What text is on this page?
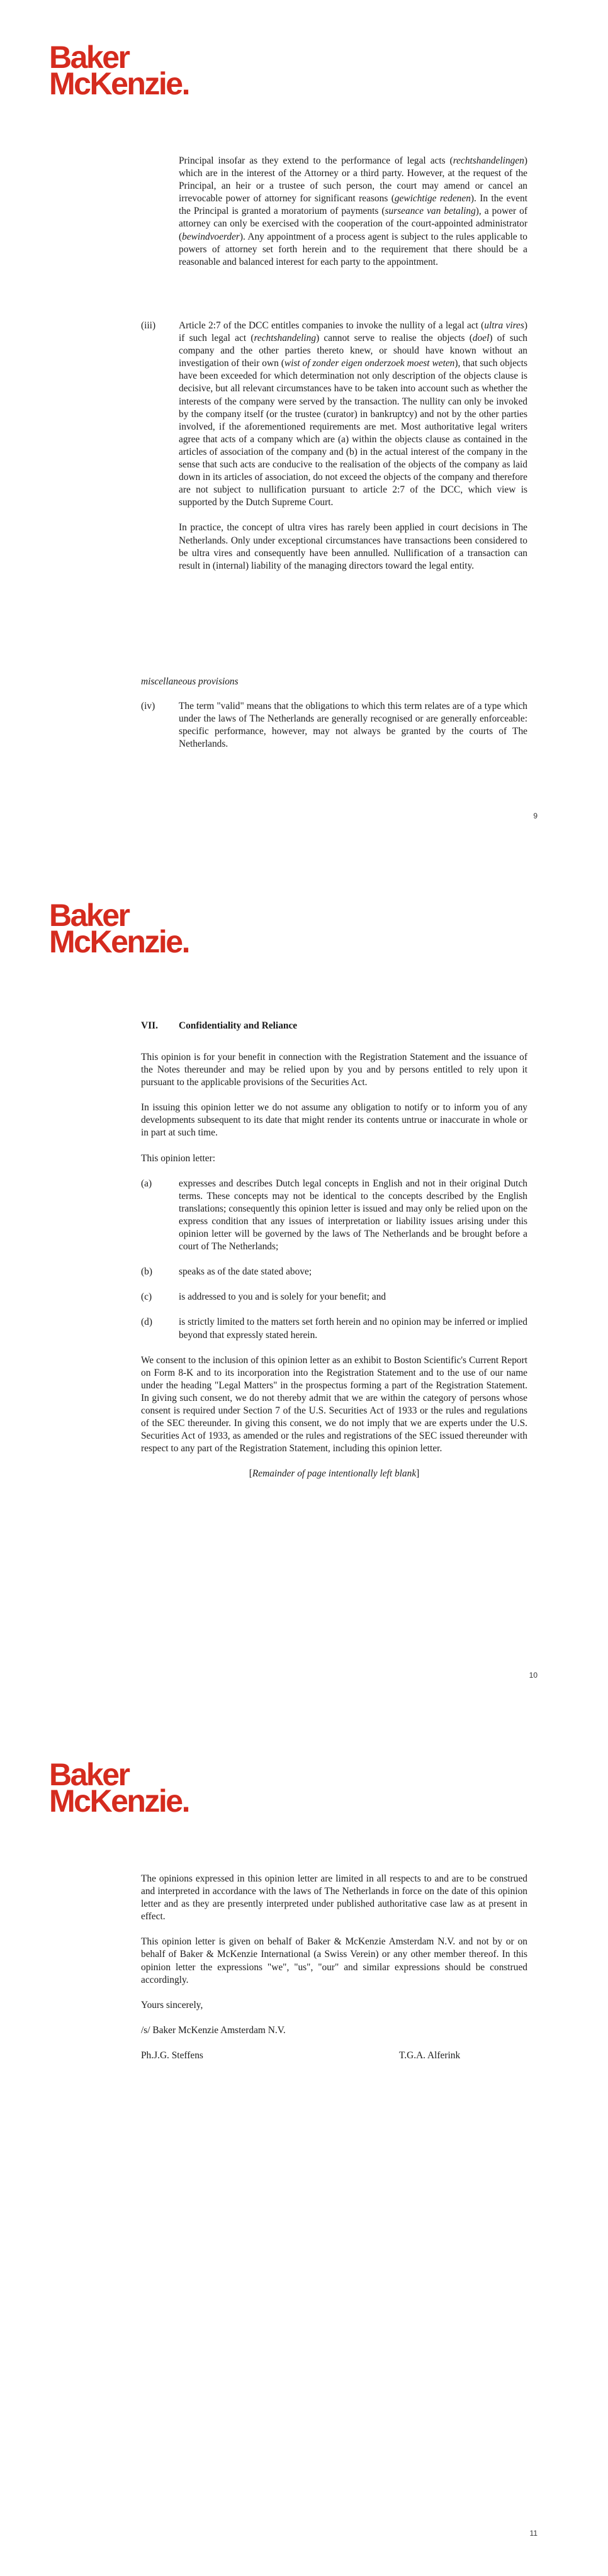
Baker
McKenzie.

Principal insofar as they extend to the performance of legal acts (rechtshandelingen) which are in the interest of the Attorney or a third party. However, at the request of the Principal, an heir or a trustee of such person, the court may amend or cancel an irrevocable power of attorney for significant reasons (gewichtige redenen). In the event the Principal is granted a moratorium of payments (surseance van betaling), a power of attorney can only be exercised with the cooperation of the court-appointed administrator (bewindvoerder). Any appointment of a process agent is subject to the rules applicable to powers of attorney set forth herein and to the requirement that there should be a reasonable and balanced interest for each party to the appointment.

(iii) Article 2:7 of the DCC entitles companies to invoke the nullity of a legal act (ultra vires) if such legal act (rechtshandeling) cannot serve to realise the objects (doel) of such company and the other parties thereto knew, or should have known without an investigation of their own (wist of zonder eigen onderzoek moest weten), that such objects have been exceeded for which determination not only description of the objects clause is decisive, but all relevant circumstances have to be taken into account such as whether the interests of the company were served by the transaction. The nullity can only be invoked by the company itself (or the trustee (curator) in bankruptcy) and not by the other parties involved, if the aforementioned requirements are met. Most authoritative legal writers agree that acts of a company which are (a) within the objects clause as contained in the articles of association of the company and (b) in the actual interest of the company in the sense that such acts are conducive to the realisation of the objects of the company as laid down in its articles of association, do not exceed the objects of the company and therefore are not subject to nullification pursuant to article 2:7 of the DCC, which view is supported by the Dutch Supreme Court.

In practice, the concept of ultra vires has rarely been applied in court decisions in The Netherlands. Only under exceptional circumstances have transactions been considered to be ultra vires and consequently have been annulled. Nullification of a transaction can result in (internal) liability of the managing directors toward the legal entity.

miscellaneous provisions
(iv) The term "valid" means that the obligations to which this term relates are of a type which under the laws of The Netherlands are generally recognised or are generally enforceable: specific performance, however, may not always be granted by the courts of The Netherlands.

9
Baker
McKenzie.
VII. Confidentiality and Reliance

This opinion is for your benefit in connection with the Registration Statement and the issuance of the Notes thereunder and may be relied upon by you and by persons entitled to rely upon it pursuant to the applicable provisions of the Securities Act.

In issuing this opinion letter we do not assume any obligation to notify or to inform you of any developments subsequent to its date that might render its contents untrue or inaccurate in whole or in part at such time.

This opinion letter:

(a)	expresses and describes Dutch legal concepts in English and not in their original Dutch terms. These concepts may not be identical to the concepts described by the English translations; consequently this opinion letter is issued and may only be relied upon on the express condition that any issues of interpretation or liability issues arising under this opinion letter will be governed by the laws of The Netherlands and be brought before a court of The Netherlands;

(b)	speaks as of the date stated above;

(c)	is addressed to you and is solely for your benefit; and

(d)	is strictly limited to the matters set forth herein and no opinion may be inferred or implied beyond that expressly stated herein.

We consent to the inclusion of this opinion letter as an exhibit to Boston Scientific's Current Report on Form 8-K and to its incorporation into the Registration Statement and to the use of our name under the heading "Legal Matters" in the prospectus forming a part of the Registration Statement. In giving such consent, we do not thereby admit that we are within the category of persons whose consent is required under Section 7 of the U.S. Securities Act of 1933 or the rules and regulations of the SEC thereunder. In giving this consent, we do not imply that we are experts under the U.S. Securities Act of 1933, as amended or the rules and registrations of the SEC issued thereunder with respect to any part of the Registration Statement, including this opinion letter.

[Remainder of page intentionally left blank]

10
Baker
McKenzie.

The opinions expressed in this opinion letter are limited in all respects to and are to be construed and interpreted in accordance with the laws of The Netherlands in force on the date of this opinion letter and as they are presently interpreted under published authoritative case law as at present in effect.

This opinion letter is given on behalf of Baker & McKenzie Amsterdam N.V. and not by or on behalf of Baker & McKenzie International (a Swiss Verein) or any other member thereof. In this opinion letter the expressions "we", "us", "our" and similar expressions should be construed accordingly.

Yours sincerely,

/s/ Baker McKenzie Amsterdam N.V.

Ph.J.G. Steffens	T.G.A. Alferink
11
